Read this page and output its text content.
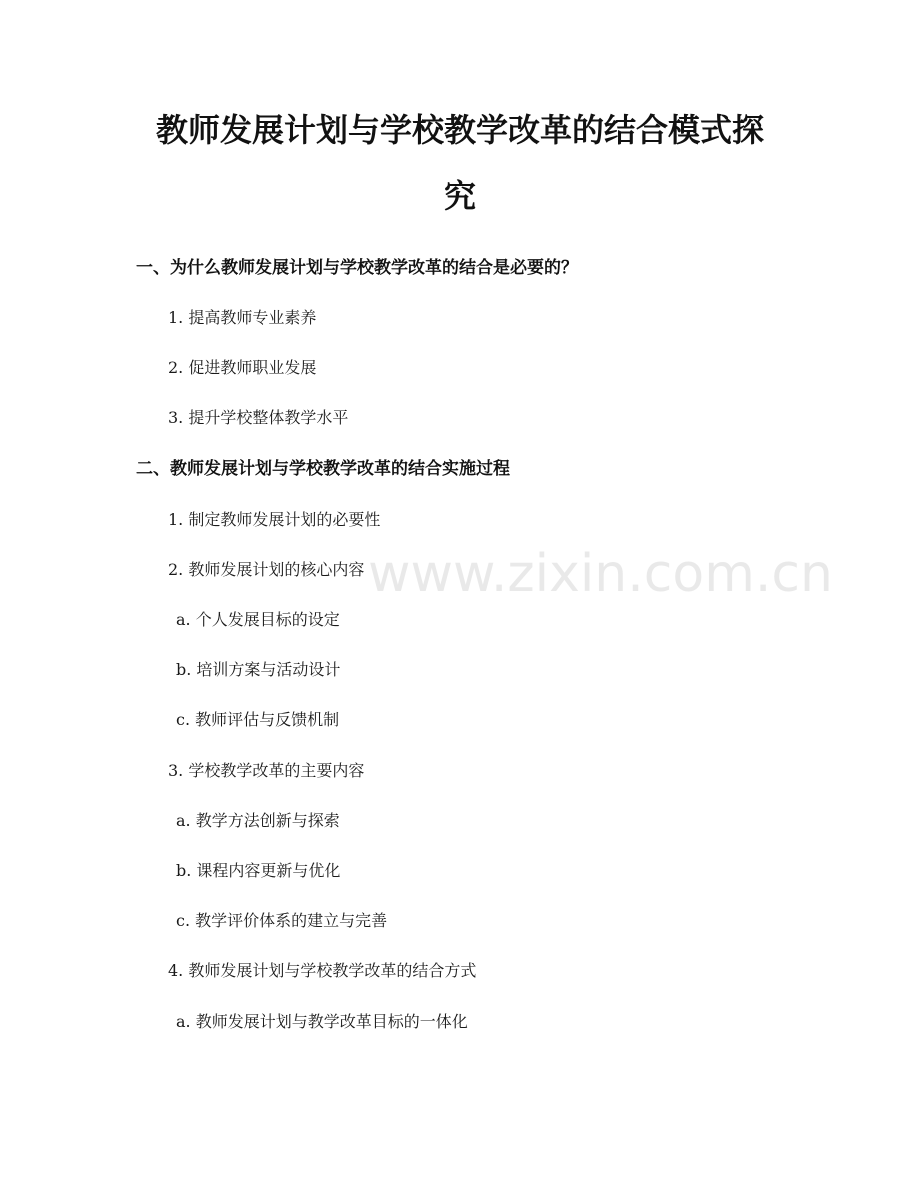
www.zixin.com.cn
教师发展计划与学校教学改革的结合模式探
究
一、为什么教师发展计划与学校教学改革的结合是必要的？
1. 提高教师专业素养
2. 促进教师职业发展
3. 提升学校整体教学水平
二、教师发展计划与学校教学改革的结合实施过程
1. 制定教师发展计划的必要性
2. 教师发展计划的核心内容
a. 个人发展目标的设定
b. 培训方案与活动设计
c. 教师评估与反馈机制
3. 学校教学改革的主要内容
a. 教学方法创新与探索
b. 课程内容更新与优化
c. 教学评价体系的建立与完善
4. 教师发展计划与学校教学改革的结合方式
a. 教师发展计划与教学改革目标的一体化
